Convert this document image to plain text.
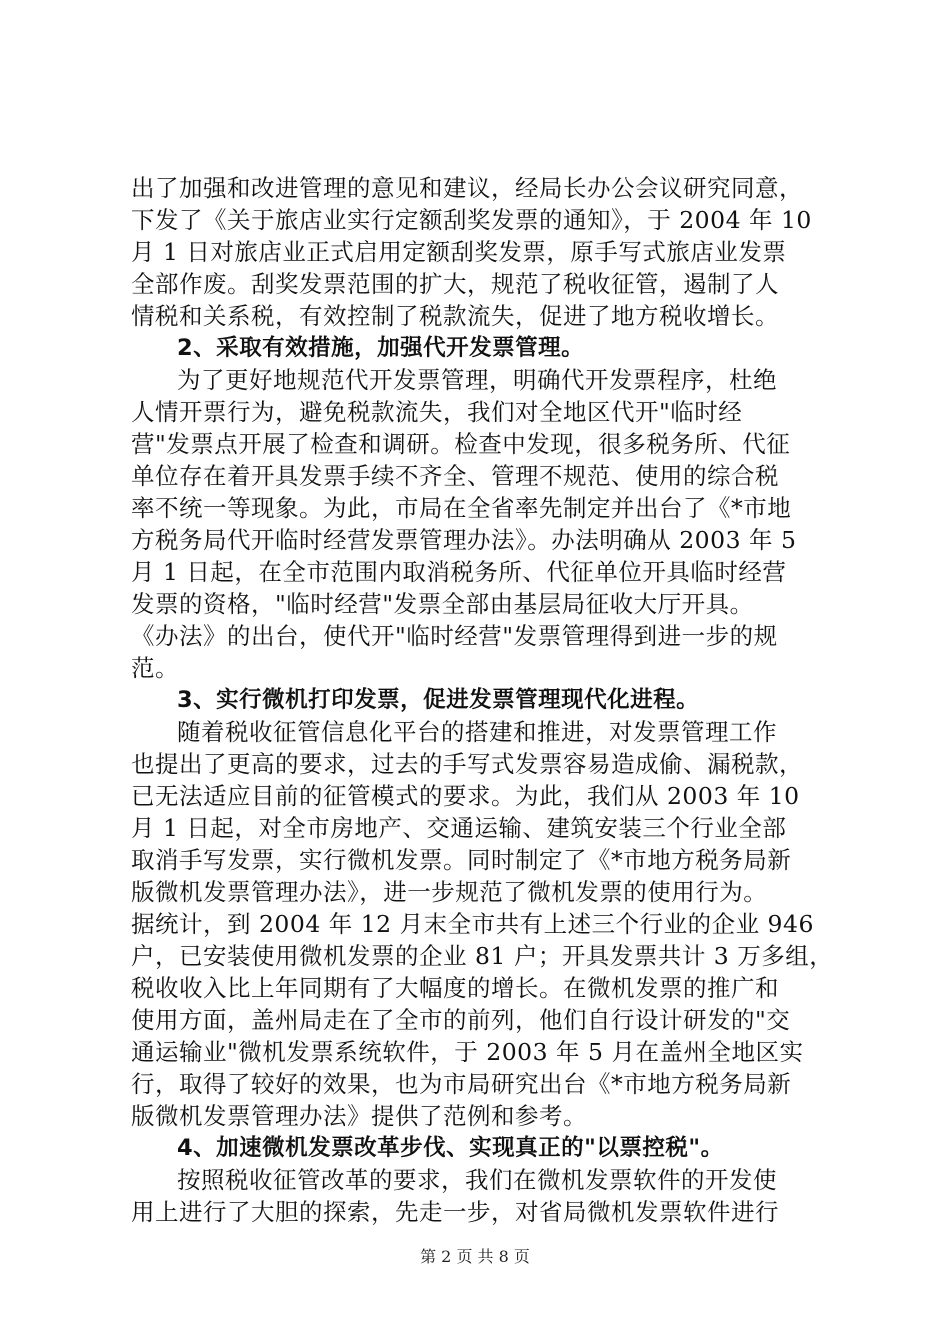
出了加强和改进管理的意见和建议，经局长办公会议研究同意，
下发了《关于旅店业实行定额刮奖发票的通知》，于 2004 年 10
月 1 日对旅店业正式启用定额刮奖发票，原手写式旅店业发票
全部作废。刮奖发票范围的扩大，规范了税收征管，遏制了人
情税和关系税，有效控制了税款流失，促进了地方税收增长。
2、采取有效措施，加强代开发票管理。
为了更好地规范代开发票管理，明确代开发票程序，杜绝
人情开票行为，避免税款流失，我们对全地区代开"临时经
营"发票点开展了检查和调研。检查中发现，很多税务所、代征
单位存在着开具发票手续不齐全、管理不规范、使用的综合税
率不统一等现象。为此，市局在全省率先制定并出台了《*市地
方税务局代开临时经营发票管理办法》。办法明确从 2003 年 5
月 1 日起，在全市范围内取消税务所、代征单位开具临时经营
发票的资格，"临时经营"发票全部由基层局征收大厅开具。
《办法》的出台，使代开"临时经营"发票管理得到进一步的规
范。
3、实行微机打印发票，促进发票管理现代化进程。
随着税收征管信息化平台的搭建和推进，对发票管理工作
也提出了更高的要求，过去的手写式发票容易造成偷、漏税款，
已无法适应目前的征管模式的要求。为此，我们从 2003 年 10
月 1 日起，对全市房地产、交通运输、建筑安装三个行业全部
取消手写发票，实行微机发票。同时制定了《*市地方税务局新
版微机发票管理办法》，进一步规范了微机发票的使用行为。
据统计，到 2004 年 12 月末全市共有上述三个行业的企业 946
户，已安装使用微机发票的企业 81 户；开具发票共计 3 万多组，
税收收入比上年同期有了大幅度的增长。在微机发票的推广和
使用方面，盖州局走在了全市的前列，他们自行设计研发的"交
通运输业"微机发票系统软件，于 2003 年 5 月在盖州全地区实
行，取得了较好的效果，也为市局研究出台《*市地方税务局新
版微机发票管理办法》提供了范例和参考。
4、加速微机发票改革步伐、实现真正的"以票控税"。
按照税收征管改革的要求，我们在微机发票软件的开发使
用上进行了大胆的探索，先走一步，对省局微机发票软件进行
第 2 页 共 8 页
